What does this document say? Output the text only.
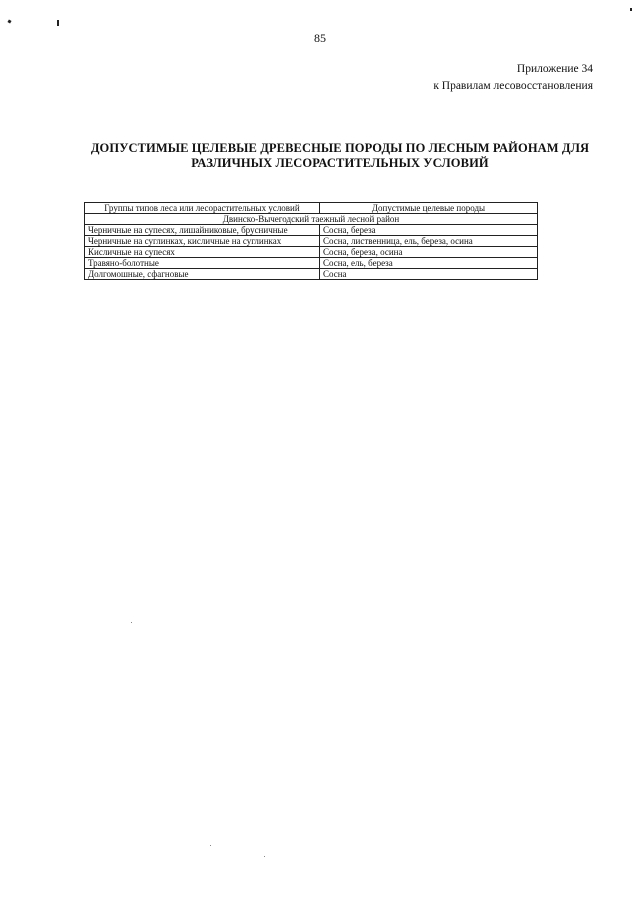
85
Приложение 34
к Правилам лесовосстановления
ДОПУСТИМЫЕ ЦЕЛЕВЫЕ ДРЕВЕСНЫЕ ПОРОДЫ ПО ЛЕСНЫМ РАЙОНАМ ДЛЯ
РАЗЛИЧНЫХ ЛЕСОРАСТИТЕЛЬНЫХ УСЛОВИЙ
Группы типов леса или лесорастительных условий	Допустимые целевые породы
Двинско-Вычегодский таежный лесной район	
Черничные на супесях, лишайниковые, брусничные	Сосна, береза
Черничные на суглинках, кисличные на суглинках	Сосна, лиственница, ель, береза, осина
Кисличные на супесях	Сосна, береза, осина
Травяно-болотные	Сосна, ель, береза
Долгомошные, сфагновые	Сосна
